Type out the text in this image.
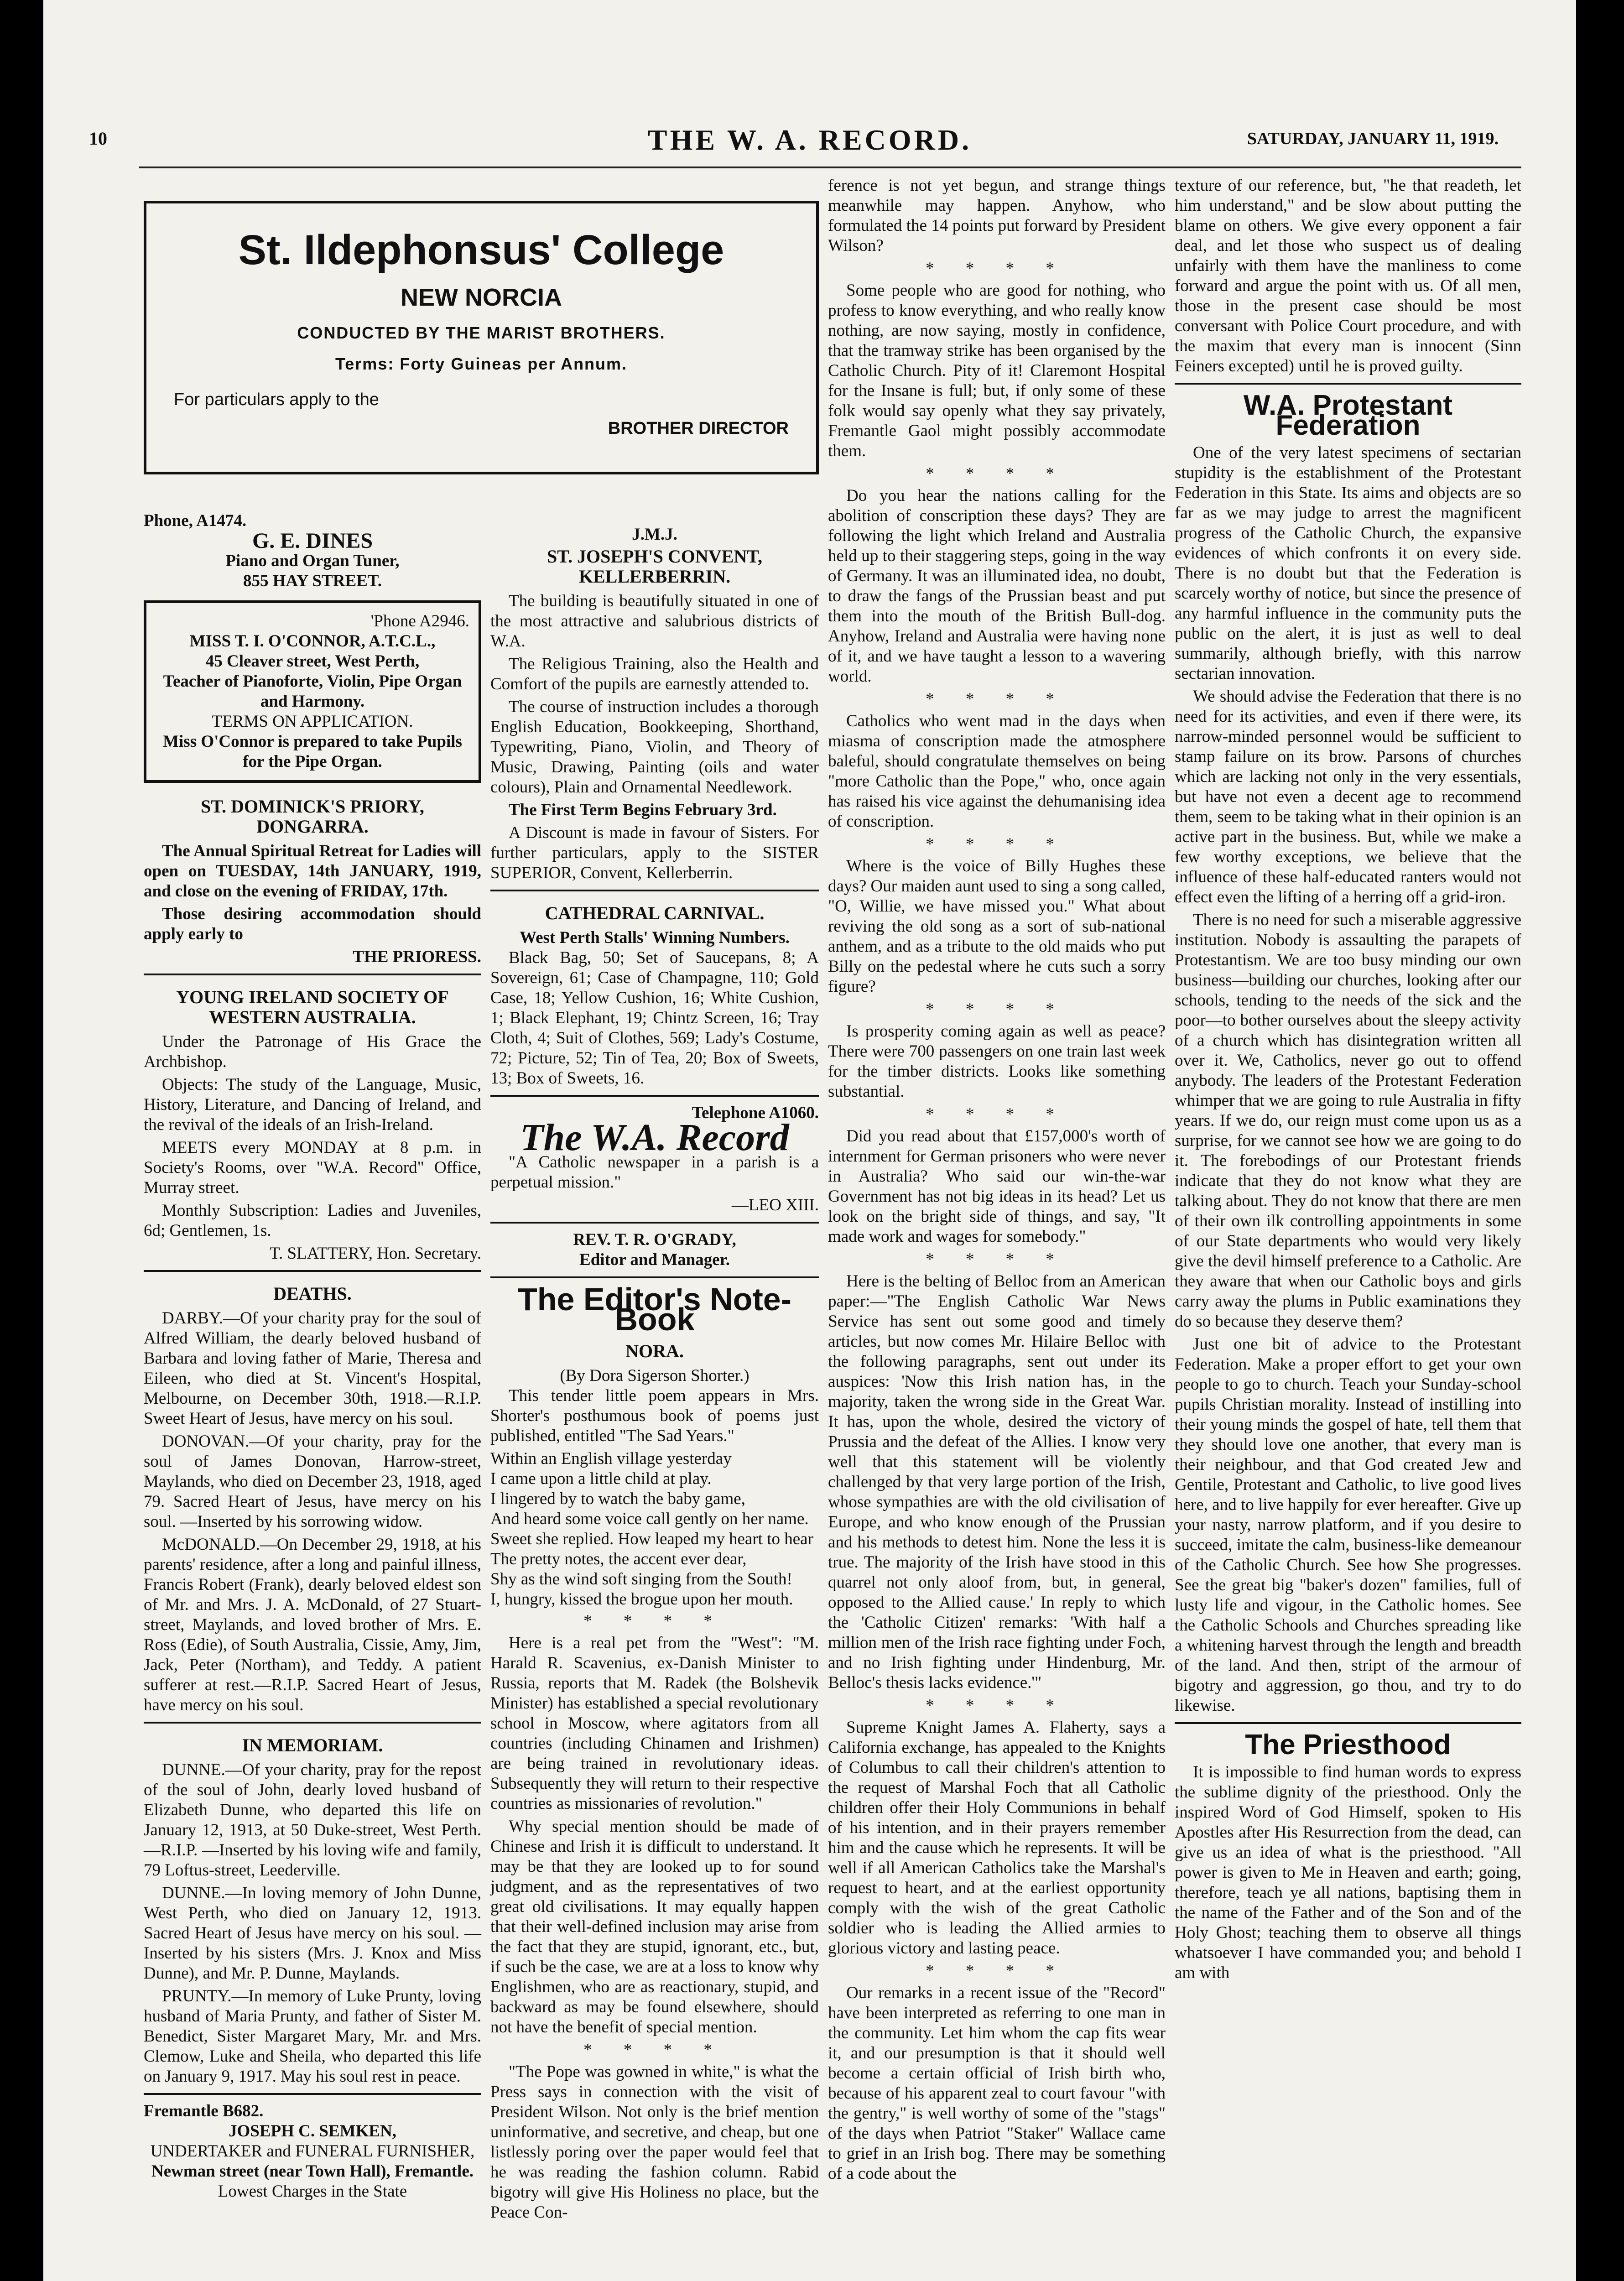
10	THE W. A. RECORD.	SATURDAY, JANUARY 11, 1919.
St. Ildephonsus' College
NEW NORCIA
CONDUCTED BY THE MARIST BROTHERS.
Terms: Forty Guineas per Annum.
For particulars apply to the
BROTHER DIRECTOR
Phone, A1474.
G. E. DINES
Piano and Organ Tuner,
855 HAY STREET.
'Phone A2946.
MISS T. I. O'CONNOR, A.T.C.L.,
45 Cleaver street, West Perth,
Teacher of Pianoforte, Violin, Pipe Organ and Harmony.
TERMS ON APPLICATION.
Miss O'Connor is prepared to take Pupils for the Pipe Organ.
ST. DOMINICK'S PRIORY, DONGARRA.

The Annual Spiritual Retreat for Ladies will open on TUESDAY, 14th JANUARY, 1919, and close on the evening of FRIDAY, 17th.

Those desiring accommodation should apply early to

THE PRIORESS.
YOUNG IRELAND SOCIETY OF WESTERN AUSTRALIA.

Under the Patronage of His Grace the Archbishop.

Objects: The study of the Language, Music, History, Literature, and Dancing of Ireland, and the revival of the ideals of an Irish-Ireland.

MEETS every MONDAY at 8 p.m. in Society's Rooms, over "W.A. Record" Office, Murray street.

Monthly Subscription: Ladies and Juveniles, 6d; Gentlemen, 1s.

T. SLATTERY, Hon. Secretary.
DEATHS.

DARBY.—Of your charity pray for the soul of Alfred William, the dearly beloved husband of Barbara and loving father of Marie, Theresa and Eileen, who died at St. Vincent's Hospital, Melbourne, on December 30th, 1918.—R.I.P. Sweet Heart of Jesus, have mercy on his soul.

DONOVAN.—Of your charity, pray for the soul of James Donovan, Harrow-street, Maylands, who died on December 23, 1918, aged 79. Sacred Heart of Jesus, have mercy on his soul. —Inserted by his sorrowing widow.

McDONALD.—On December 29, 1918, at his parents' residence, after a long and painful illness, Francis Robert (Frank), dearly beloved eldest son of Mr. and Mrs. J. A. McDonald, of 27 Stuart-street, Maylands, and loved brother of Mrs. E. Ross (Edie), of South Australia, Cissie, Amy, Jim, Jack, Peter (Northam), and Teddy. A patient sufferer at rest.—R.I.P. Sacred Heart of Jesus, have mercy on his soul.

IN MEMORIAM.

DUNNE.—Of your charity, pray for the repost of the soul of John, dearly loved husband of Elizabeth Dunne, who departed this life on January 12, 1913, at 50 Duke-street, West Perth.—R.I.P. —Inserted by his loving wife and family, 79 Loftus-street, Leederville.

DUNNE.—In loving memory of John Dunne, West Perth, who died on January 12, 1913. Sacred Heart of Jesus have mercy on his soul. —Inserted by his sisters (Mrs. J. Knox and Miss Dunne), and Mr. P. Dunne, Maylands.

PRUNTY.—In memory of Luke Prunty, loving husband of Maria Prunty, and father of Sister M. Benedict, Sister Margaret Mary, Mr. and Mrs. Clemow, Luke and Sheila, who departed this life on January 9, 1917. May his soul rest in peace.

Fremantle B682.
JOSEPH C. SEMKEN,
UNDERTAKER and FUNERAL FURNISHER,
Newman street (near Town Hall), Fremantle.
Lowest Charges in the State
J.M.J.
ST. JOSEPH'S CONVENT, KELLERBERRIN.

The building is beautifully situated in one of the most attractive and salubrious districts of W.A.

The Religious Training, also the Health and Comfort of the pupils are earnestly attended to.

The course of instruction includes a thorough English Education, Bookkeeping, Shorthand, Typewriting, Piano, Violin, and Theory of Music, Drawing, Painting (oils and water colours), Plain and Ornamental Needlework.

The First Term Begins February 3rd.

A Discount is made in favour of Sisters. For further particulars, apply to the SISTER SUPERIOR, Convent, Kellerberrin.

CATHEDRAL CARNIVAL.
West Perth Stalls' Winning Numbers.

Black Bag, 50; Set of Saucepans, 8; A Sovereign, 61; Case of Champagne, 110; Gold Case, 18; Yellow Cushion, 16; White Cushion, 1; Black Elephant, 19; Chintz Screen, 16; Tray Cloth, 4; Suit of Clothes, 569; Lady's Costume, 72; Picture, 52; Tin of Tea, 20; Box of Sweets, 13; Box of Sweets, 16.

Telephone A1060.
The W.A. Record

"A Catholic newspaper in a parish is a perpetual mission."

—LEO XIII.
REV. T. R. O'GRADY,
Editor and Manager.
The Editor's Note-Book
NORA.
(By Dora Sigerson Shorter.)

This tender little poem appears in Mrs. Shorter's posthumous book of poems just published, entitled "The Sad Years."

Within an English village yesterday
I came upon a little child at play.
I lingered by to watch the baby game,
And heard some voice call gently on her name.
Sweet she replied. How leaped my heart to hear
The pretty notes, the accent ever dear,
Shy as the wind soft singing from the South!
I, hungry, kissed the brogue upon her mouth.
* * * *

Here is a real pet from the "West": "M. Harald R. Scavenius, ex-Danish Minister to Russia, reports that M. Radek (the Bolshevik Minister) has established a special revolutionary school in Moscow, where agitators from all countries (including Chinamen and Irishmen) are being trained in revolutionary ideas. Subsequently they will return to their respective countries as missionaries of revolution."

Why special mention should be made of Chinese and Irish it is difficult to understand. It may be that they are looked up to for sound judgment, and as the representatives of two great old civilisations. It may equally happen that their well-defined inclusion may arise from the fact that they are stupid, ignorant, etc., but, if such be the case, we are at a loss to know why Englishmen, who are as reactionary, stupid, and backward as may be found elsewhere, should not have the benefit of special mention.

* * * *

"The Pope was gowned in white," is what the Press says in connection with the visit of President Wilson. Not only is the brief mention uninformative, and secretive, and cheap, but one listlessly poring over the paper would feel that he was reading the fashion column. Rabid bigotry will give His Holiness no place, but the Peace Con-

ference is not yet begun, and strange things meanwhile may happen. Anyhow, who formulated the 14 points put forward by President Wilson?

* * * *

Some people who are good for nothing, who profess to know everything, and who really know nothing, are now saying, mostly in confidence, that the tramway strike has been organised by the Catholic Church. Pity of it! Claremont Hospital for the Insane is full; but, if only some of these folk would say openly what they say privately, Fremantle Gaol might possibly accommodate them.

* * * *

Do you hear the nations calling for the abolition of conscription these days? They are following the light which Ireland and Australia held up to their staggering steps, going in the way of Germany. It was an illuminated idea, no doubt, to draw the fangs of the Prussian beast and put them into the mouth of the British Bull-dog. Anyhow, Ireland and Australia were having none of it, and we have taught a lesson to a wavering world.

* * * *

Catholics who went mad in the days when miasma of conscription made the atmosphere baleful, should congratulate themselves on being "more Catholic than the Pope," who, once again has raised his vice against the dehumanising idea of conscription.

* * * *

Where is the voice of Billy Hughes these days? Our maiden aunt used to sing a song called, "O, Willie, we have missed you." What about reviving the old song as a sort of sub-national anthem, and as a tribute to the old maids who put Billy on the pedestal where he cuts such a sorry figure?

* * * *

Is prosperity coming again as well as peace? There were 700 passengers on one train last week for the timber districts. Looks like something substantial.

* * * *

Did you read about that £157,000's worth of internment for German prisoners who were never in Australia? Who said our win-the-war Government has not big ideas in its head? Let us look on the bright side of things, and say, "It made work and wages for somebody."

* * * *

Here is the belting of Belloc from an American paper:—"The English Catholic War News Service has sent out some good and timely articles, but now comes Mr. Hilaire Belloc with the following paragraphs, sent out under its auspices: 'Now this Irish nation has, in the majority, taken the wrong side in the Great War. It has, upon the whole, desired the victory of Prussia and the defeat of the Allies. I know very well that this statement will be violently challenged by that very large portion of the Irish, whose sympathies are with the old civilisation of Europe, and who know enough of the Prussian and his methods to detest him. None the less it is true. The majority of the Irish have stood in this quarrel not only aloof from, but, in general, opposed to the Allied cause.' In reply to which the 'Catholic Citizen' remarks: 'With half a million men of the Irish race fighting under Foch, and no Irish fighting under Hindenburg, Mr. Belloc's thesis lacks evidence.'"

* * * *

Supreme Knight James A. Flaherty, says a California exchange, has appealed to the Knights of Columbus to call their children's attention to the request of Marshal Foch that all Catholic children offer their Holy Communions in behalf of his intention, and in their prayers remember him and the cause which he represents. It will be well if all American Catholics take the Marshal's request to heart, and at the earliest opportunity comply with the wish of the great Catholic soldier who is leading the Allied armies to glorious victory and lasting peace.

* * * *

Our remarks in a recent issue of the "Record" have been interpreted as referring to one man in the community. Let him whom the cap fits wear it, and our presumption is that it should well become a certain official of Irish birth who, because of his apparent zeal to court favour "with the gentry," is well worthy of some of the "stags" of the days when Patriot "Staker" Wallace came to grief in an Irish bog. There may be something of a code about the

texture of our reference, but, "he that readeth, let him understand," and be slow about putting the blame on others. We give every opponent a fair deal, and let those who suspect us of dealing unfairly with them have the manliness to come forward and argue the point with us. Of all men, those in the present case should be most conversant with Police Court procedure, and with the maxim that every man is innocent (Sinn Feiners excepted) until he is proved guilty.

W.A. Protestant Federation

One of the very latest specimens of sectarian stupidity is the establishment of the Protestant Federation in this State. Its aims and objects are so far as we may judge to arrest the magnificent progress of the Catholic Church, the expansive evidences of which confronts it on every side. There is no doubt but that the Federation is scarcely worthy of notice, but since the presence of any harmful influence in the community puts the public on the alert, it is just as well to deal summarily, although briefly, with this narrow sectarian innovation.

We should advise the Federation that there is no need for its activities, and even if there were, its narrow-minded personnel would be sufficient to stamp failure on its brow. Parsons of churches which are lacking not only in the very essentials, but have not even a decent age to recommend them, seem to be taking what in their opinion is an active part in the business. But, while we make a few worthy exceptions, we believe that the influence of these half-educated ranters would not effect even the lifting of a herring off a grid-iron.

There is no need for such a miserable aggressive institution. Nobody is assaulting the parapets of Protestantism. We are too busy minding our own business—building our churches, looking after our schools, tending to the needs of the sick and the poor—to bother ourselves about the sleepy activity of a church which has disintegration written all over it. We, Catholics, never go out to offend anybody. The leaders of the Protestant Federation whimper that we are going to rule Australia in fifty years. If we do, our reign must come upon us as a surprise, for we cannot see how we are going to do it. The forebodings of our Protestant friends indicate that they do not know what they are talking about. They do not know that there are men of their own ilk controlling appointments in some of our State departments who would very likely give the devil himself preference to a Catholic. Are they aware that when our Catholic boys and girls carry away the plums in Public examinations they do so because they deserve them?

Just one bit of advice to the Protestant Federation. Make a proper effort to get your own people to go to church. Teach your Sunday-school pupils Christian morality. Instead of instilling into their young minds the gospel of hate, tell them that they should love one another, that every man is their neighbour, and that God created Jew and Gentile, Protestant and Catholic, to live good lives here, and to live happily for ever hereafter. Give up your nasty, narrow platform, and if you desire to succeed, imitate the calm, business-like demeanour of the Catholic Church. See how She progresses. See the great big "baker's dozen" families, full of lusty life and vigour, in the Catholic homes. See the Catholic Schools and Churches spreading like a whitening harvest through the length and breadth of the land. And then, stript of the armour of bigotry and aggression, go thou, and try to do likewise.

The Priesthood

It is impossible to find human words to express the sublime dignity of the priesthood. Only the inspired Word of God Himself, spoken to His Apostles after His Resurrection from the dead, can give us an idea of what is the priesthood. "All power is given to Me in Heaven and earth; going, therefore, teach ye all nations, baptising them in the name of the Father and of the Son and of the Holy Ghost; teaching them to observe all things whatsoever I have commanded you; and behold I am with
